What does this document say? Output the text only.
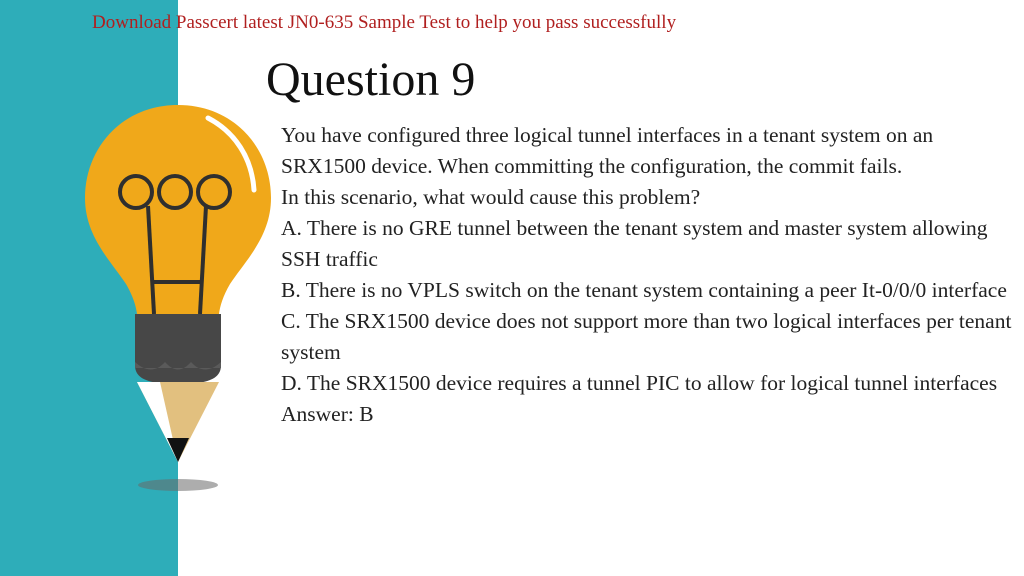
Download Passcert latest JN0-635 Sample Test to help you pass successfully
Question 9

You have configured three logical tunnel interfaces in a tenant system on an SRX1500 device. When committing the configuration, the commit fails.

In this scenario, what would cause this problem?

A. There is no GRE tunnel between the tenant system and master system allowing SSH traffic

B. There is no VPLS switch on the tenant system containing a peer It-0/0/0 interface

C. The SRX1500 device does not support more than two logical interfaces per tenant system

D. The SRX1500 device requires a tunnel PIC to allow for logical tunnel interfaces

Answer: B
